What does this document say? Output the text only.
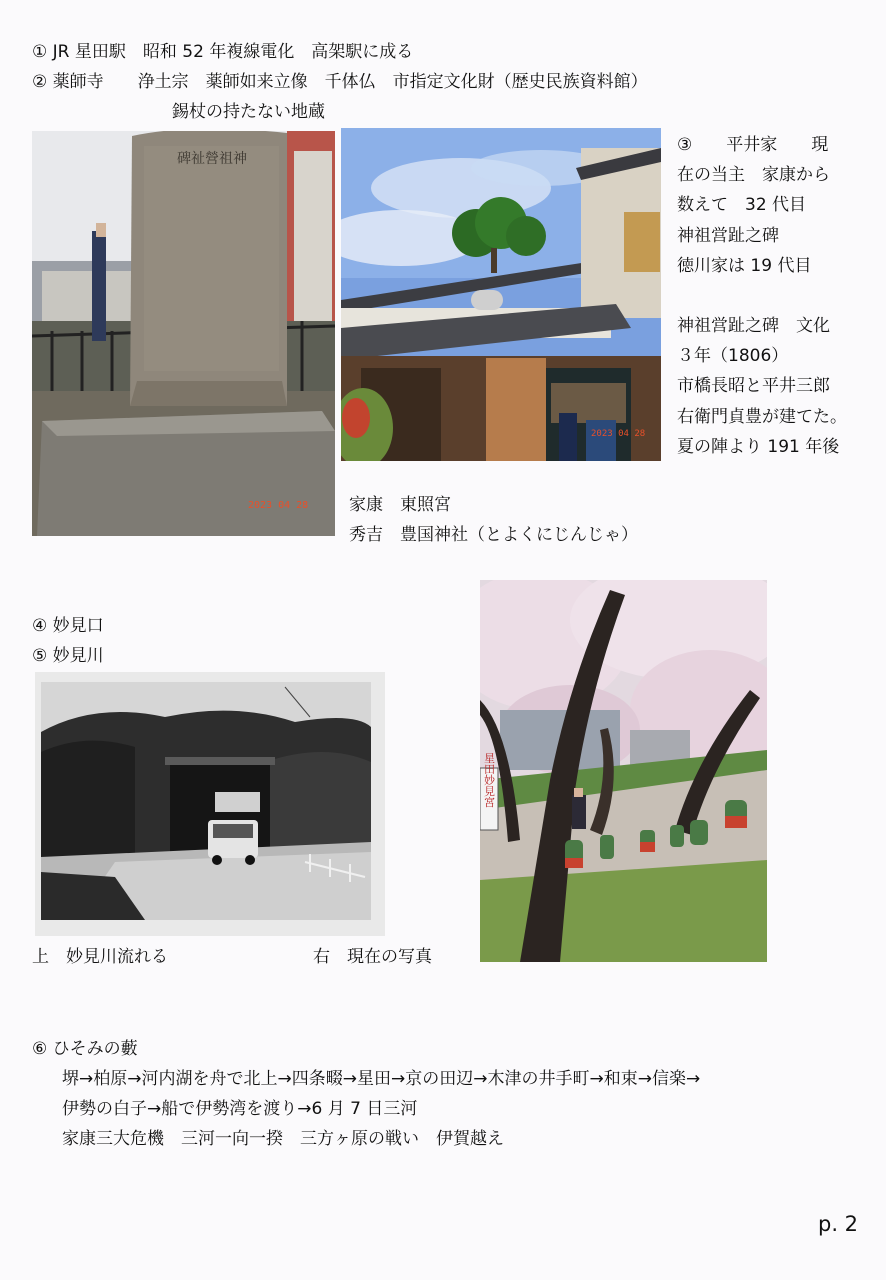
① JR 星田駅　昭和 52 年複線電化　高架駅に成る
② 薬師寺　　浄土宗　薬師如来立像　千体仏　市指定文化財（歴史民族資料館）
錫杖の持たない地蔵
碑祉營祖神
2023 04 28
2023 04 28
③　　平井家　　現
在の当主　家康から
数えて　32 代目
神祖営趾之碑
徳川家は 19 代目
神祖営趾之碑　文化
３年（1806）
市橋長昭と平井三郎
右衛門貞豊が建てた。
夏の陣より 191 年後
家康　東照宮
秀吉　豊国神社（とよくにじんじゃ）
④ 妙見口
⑤ 妙見川
星田妙見宮
上　妙見川流れる	右　現在の写真
⑥ ひそみの藪
堺→柏原→河内湖を舟で北上→四条畷→星田→京の田辺→木津の井手町→和束→信楽→
伊勢の白子→船で伊勢湾を渡り→6 月 7 日三河
家康三大危機　三河一向一揆　三方ヶ原の戦い　伊賀越え
p. 2
